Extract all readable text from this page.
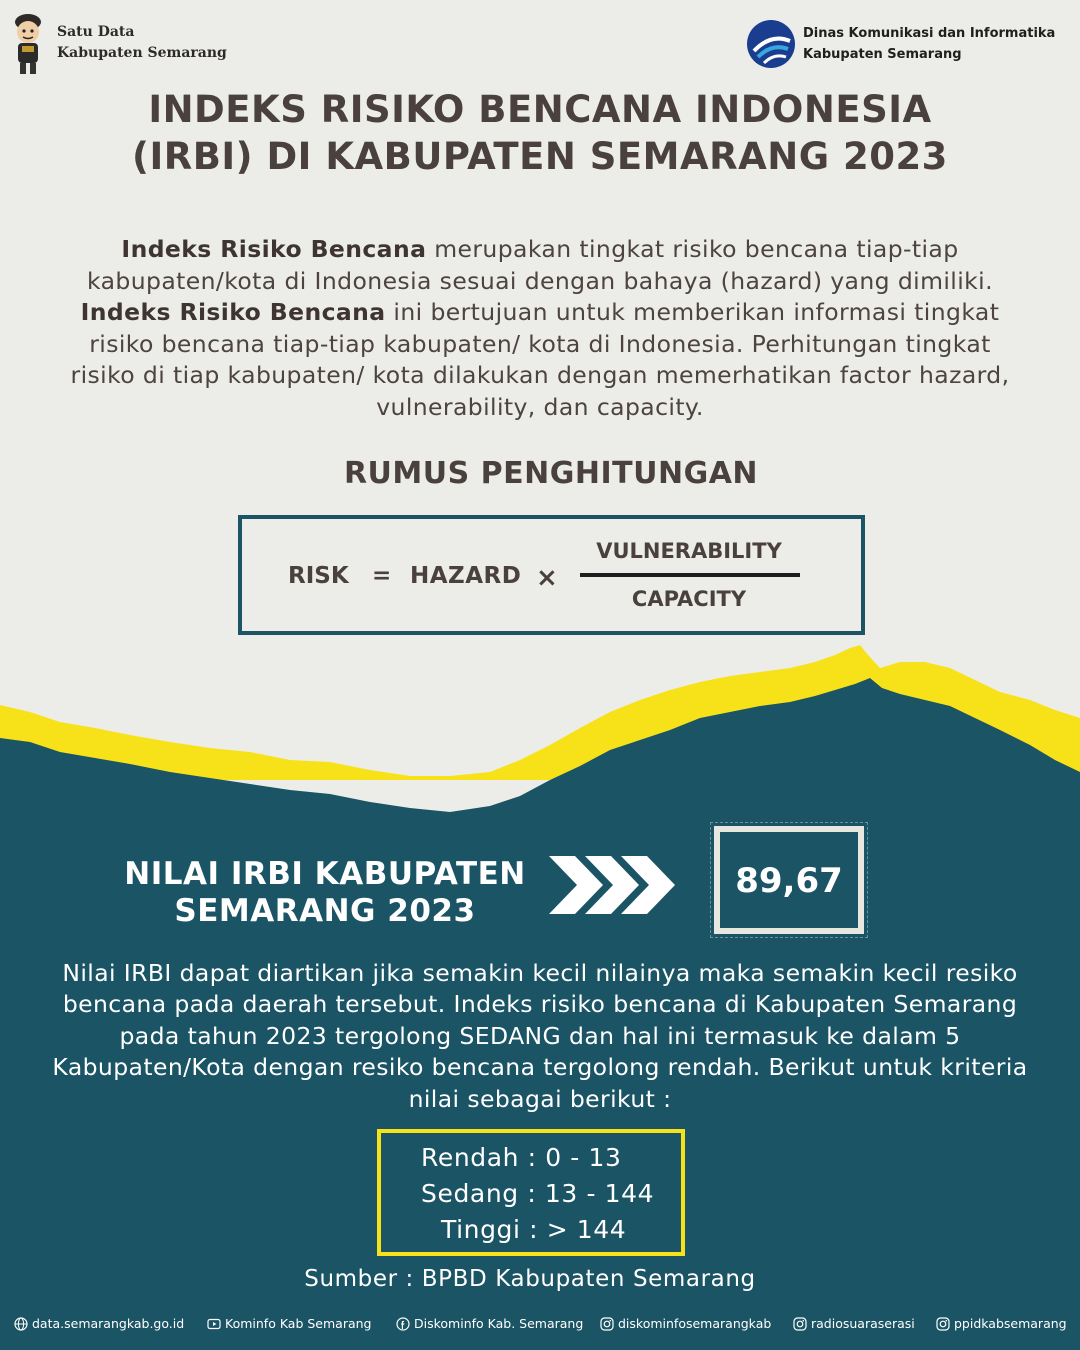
Satu Data
Kabupaten Semarang
Dinas Komunikasi dan Informatika
Kabupaten Semarang
INDEKS RISIKO BENCANA INDONESIA
(IRBI) DI KABUPATEN SEMARANG 2023
Indeks Risiko Bencana merupakan tingkat risiko bencana tiap-tiap kabupaten/kota di Indonesia sesuai dengan bahaya (hazard) yang dimiliki. Indeks Risiko Bencana ini bertujuan untuk memberikan informasi tingkat risiko bencana tiap-tiap kabupaten/ kota di Indonesia. Perhitungan tingkat risiko di tiap kabupaten/ kota dilakukan dengan memerhatikan factor hazard, vulnerability, dan capacity.
RUMUS PENGHITUNGAN
RISK = HAZARD ×
VULNERABILITY
CAPACITY
NILAI IRBI KABUPATEN
SEMARANG 2023
89,67
Nilai IRBI dapat diartikan jika semakin kecil nilainya maka semakin kecil resiko bencana pada daerah tersebut. Indeks risiko bencana di Kabupaten Semarang pada tahun 2023 tergolong SEDANG dan hal ini termasuk ke dalam 5 Kabupaten/Kota dengan resiko bencana tergolong rendah. Berikut untuk kriteria nilai sebagai berikut :
Rendah : 0 - 13
Sedang : 13 - 144
Tinggi : > 144
Sumber : BPBD Kabupaten Semarang
data.semarangkab.go.id	Kominfo Kab Semarang	Diskominfo Kab. Semarang	diskominfosemarangkab	radiosuaraserasi	ppidkabsemarang
